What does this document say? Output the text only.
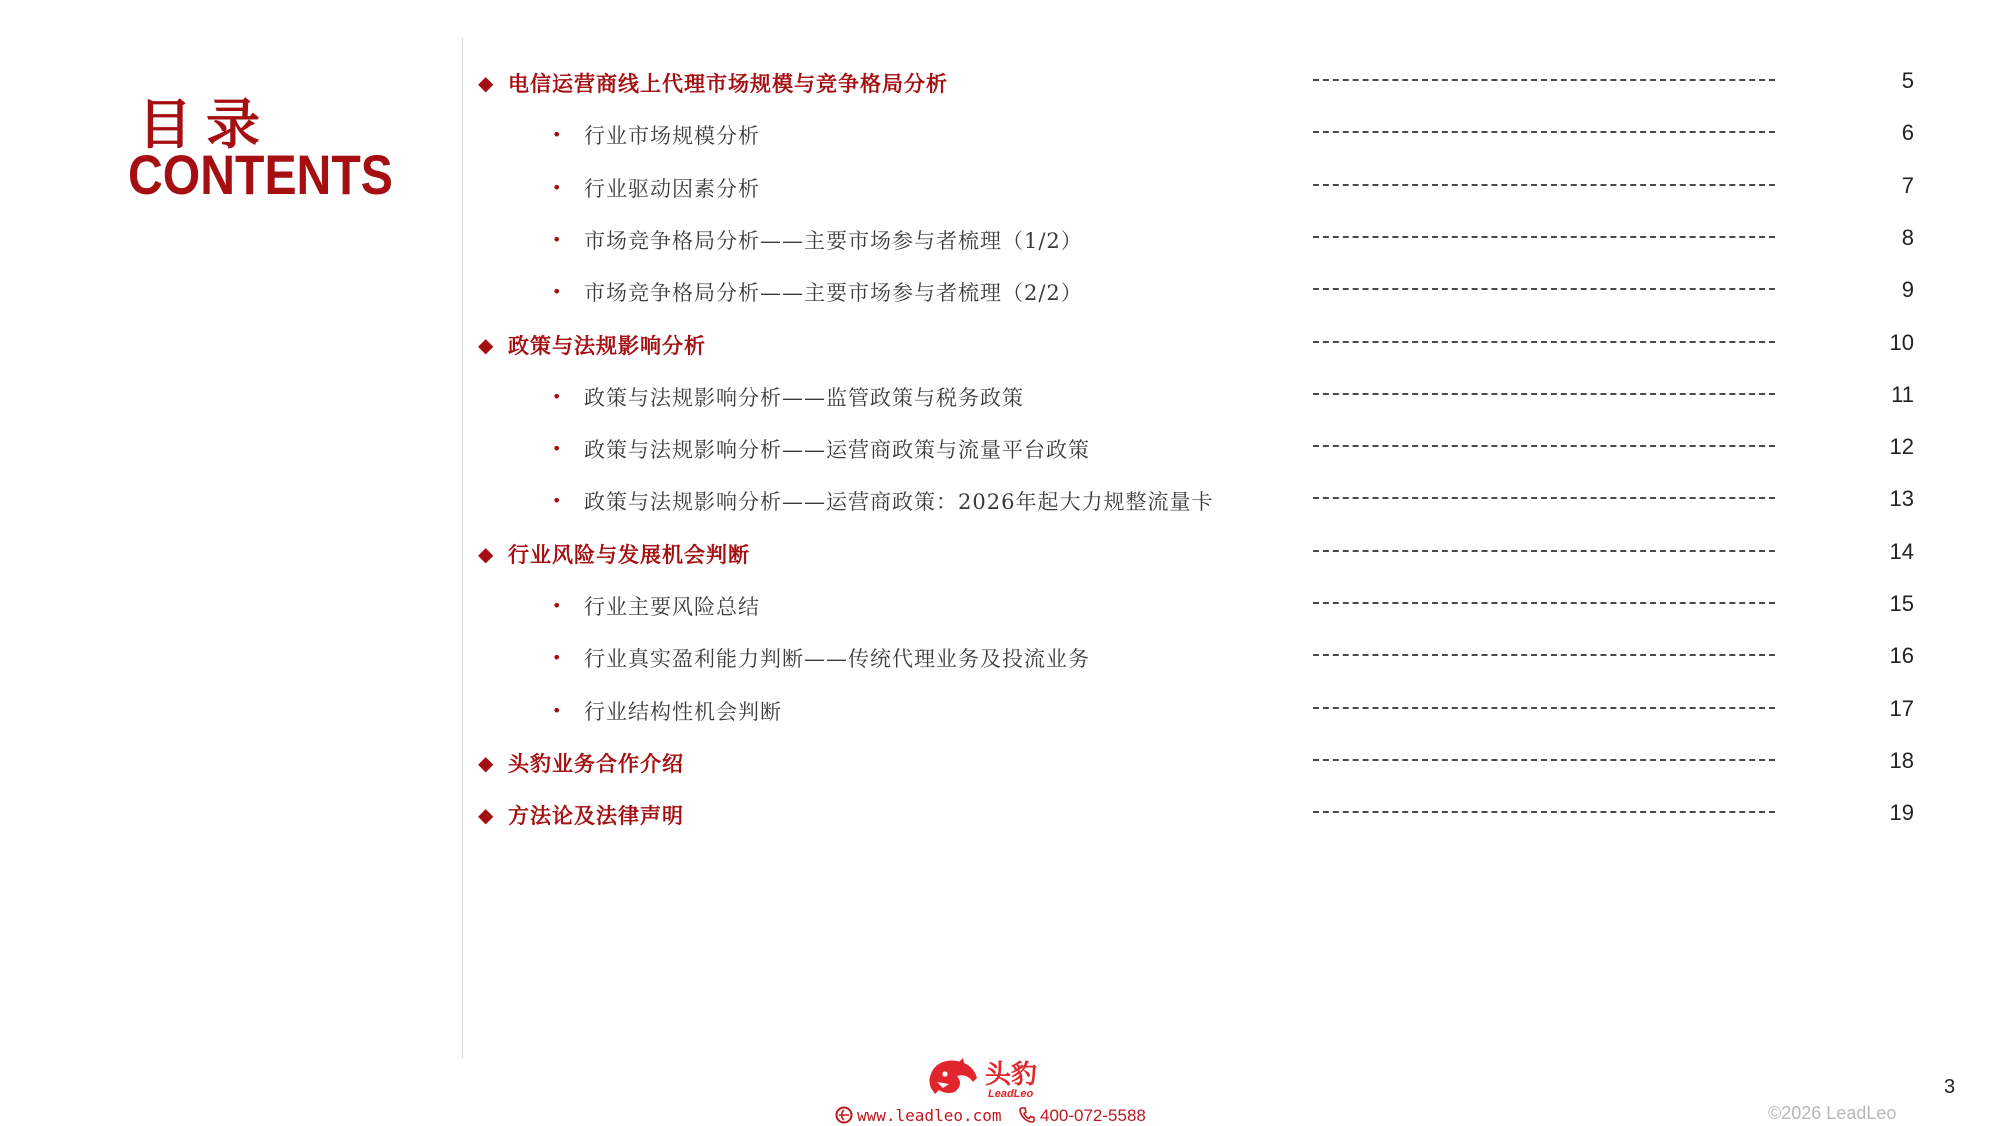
目录
CONTENTS
◆ 电信运营商线上代理市场规模与竞争格局分析	5
• 行业市场规模分析	6
• 行业驱动因素分析	7
• 市场竞争格局分析——主要市场参与者梳理（1/2）	8
• 市场竞争格局分析——主要市场参与者梳理（2/2）	9
◆ 政策与法规影响分析	10
• 政策与法规影响分析——监管政策与税务政策	11
• 政策与法规影响分析——运营商政策与流量平台政策	12
• 政策与法规影响分析——运营商政策：2026年起大力规整流量卡	13
◆ 行业风险与发展机会判断	14
• 行业主要风险总结	15
• 行业真实盈利能力判断——传统代理业务及投流业务	16
• 行业结构性机会判断	17
◆ 头豹业务合作介绍	18
◆ 方法论及法律声明	19
头豹
LeadLeo
www.leadleo.com	400-072-5588	©2026 LeadLeo
3
